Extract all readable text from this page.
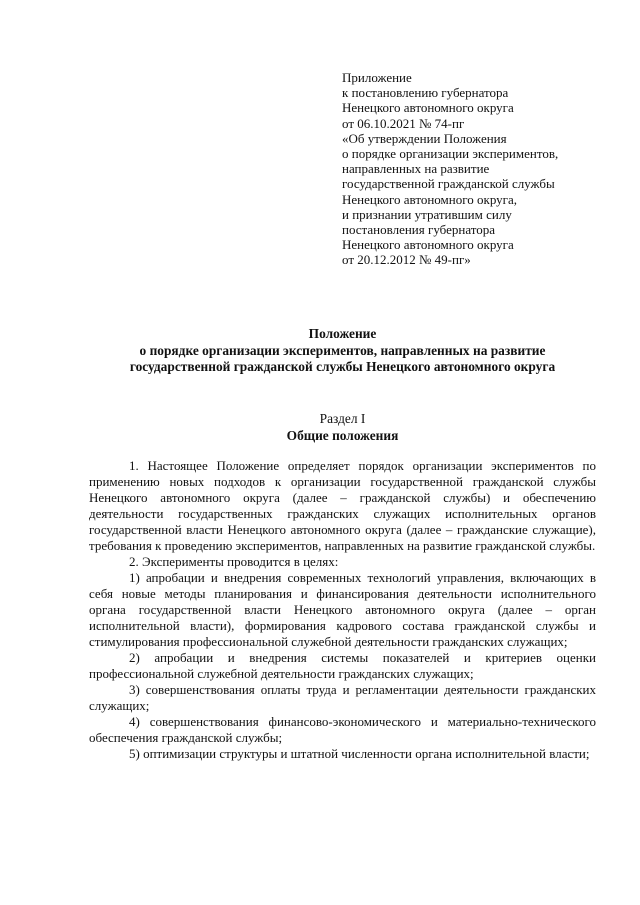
Приложение
к постановлению губернатора
Ненецкого автономного округа
от 06.10.2021 № 74-пг
«Об утверждении Положения
о порядке организации экспериментов,
направленных на развитие
государственной гражданской службы
Ненецкого автономного округа,
и признании утратившим силу
постановления губернатора
Ненецкого автономного округа
от 20.12.2012 № 49-пг»
Положение
о порядке организации экспериментов, направленных на развитие
государственной гражданской службы Ненецкого автономного округа
Раздел I
Общие положения

1. Настоящее Положение определяет порядок организации экспериментов по применению новых подходов к организации государственной гражданской службы Ненецкого автономного округа (далее – гражданской службы) и обеспечению деятельности государственных гражданских служащих исполнительных органов государственной власти Ненецкого автономного округа (далее – гражданские служащие), требования к проведению экспериментов, направленных на развитие гражданской службы.

2. Эксперименты проводится в целях:

1) апробации и внедрения современных технологий управления, включающих в себя новые методы планирования и финансирования деятельности исполнительного органа государственной власти Ненецкого автономного округа (далее – орган исполнительной власти), формирования кадрового состава гражданской службы и стимулирования профессиональной служебной деятельности гражданских служащих;

2) апробации и внедрения системы показателей и критериев оценки профессиональной служебной деятельности гражданских служащих;

3) совершенствования оплаты труда и регламентации деятельности гражданских служащих;

4) совершенствования финансово-экономического и материально-технического обеспечения гражданской службы;

5) оптимизации структуры и штатной численности органа исполнительной власти;
